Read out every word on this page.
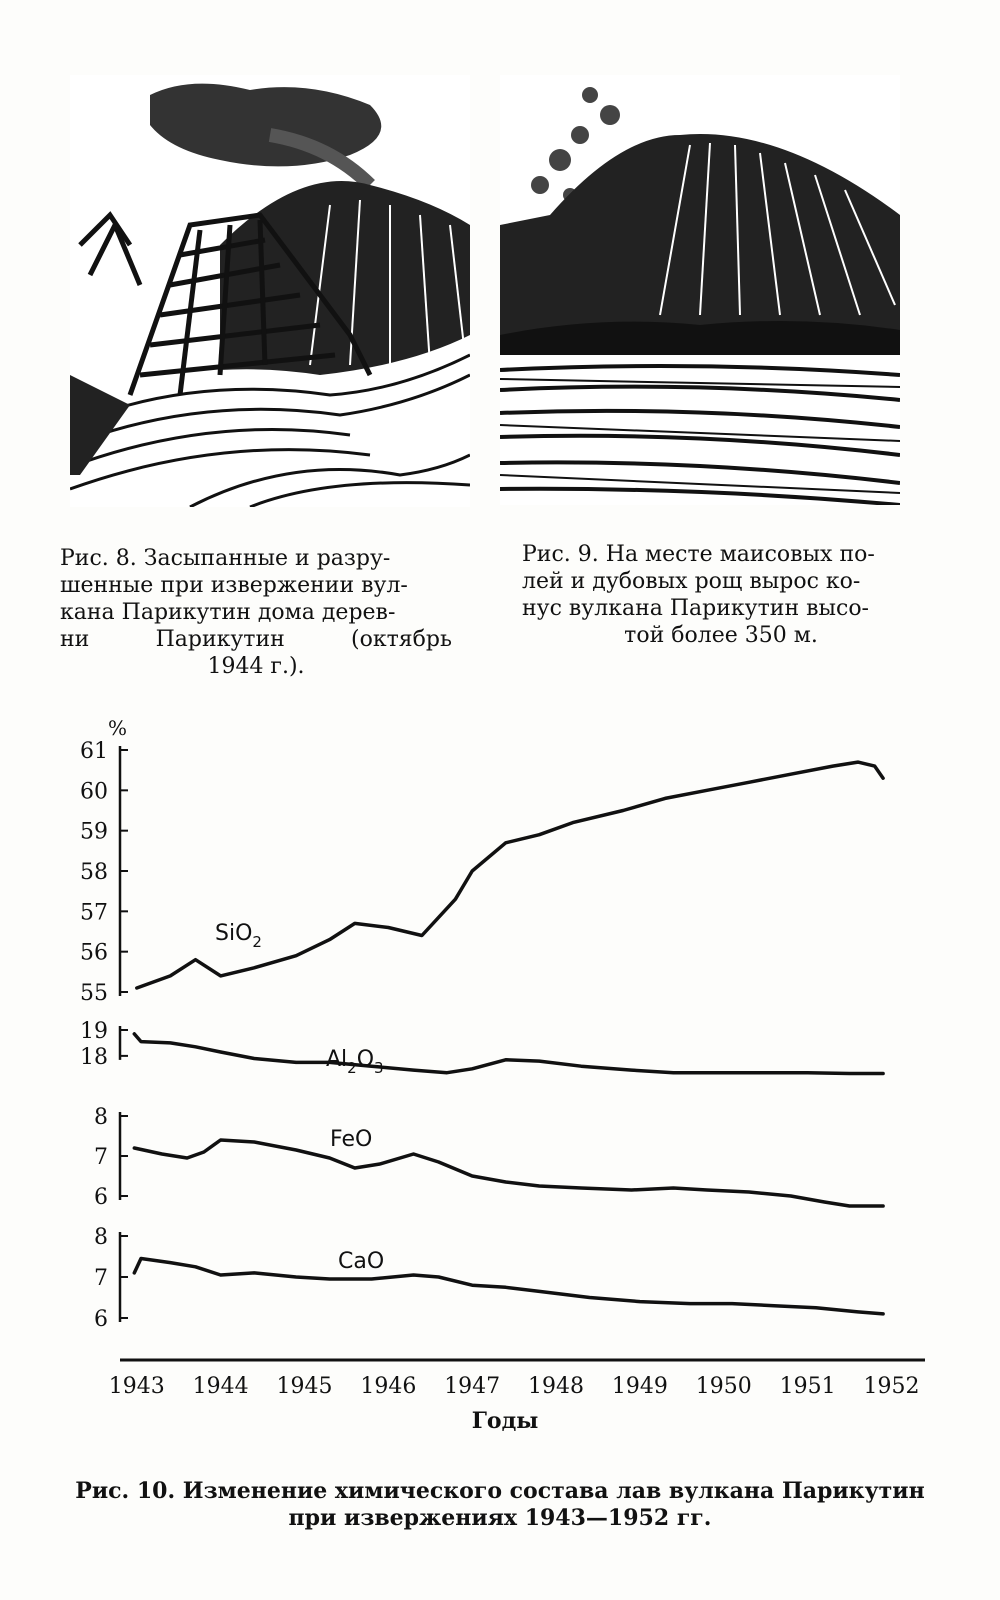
Рис. 8. Засыпанные и разру-
шенные при извержении вул-
кана Парикутин дома дерев-
ни Парикутин (октябрь
1944 г.).
Рис. 9. На месте маисовых по-
лей и дубовых рощ вырос ко-
нус вулкана Парикутин высо-
той более 350 м.
61
60
59
58
57
56
55
19
18
8
7
6
8
7
6
1943 1944 1945 1946 1947 1948 1949 1950 1951 1952
SiO$_2$
$Al_2O_3$
FeO
CaO
%
Годы
Рис. 10. Изменение химического состава лав вулкана Парикутин
при извержениях 1943—1952 гг.
